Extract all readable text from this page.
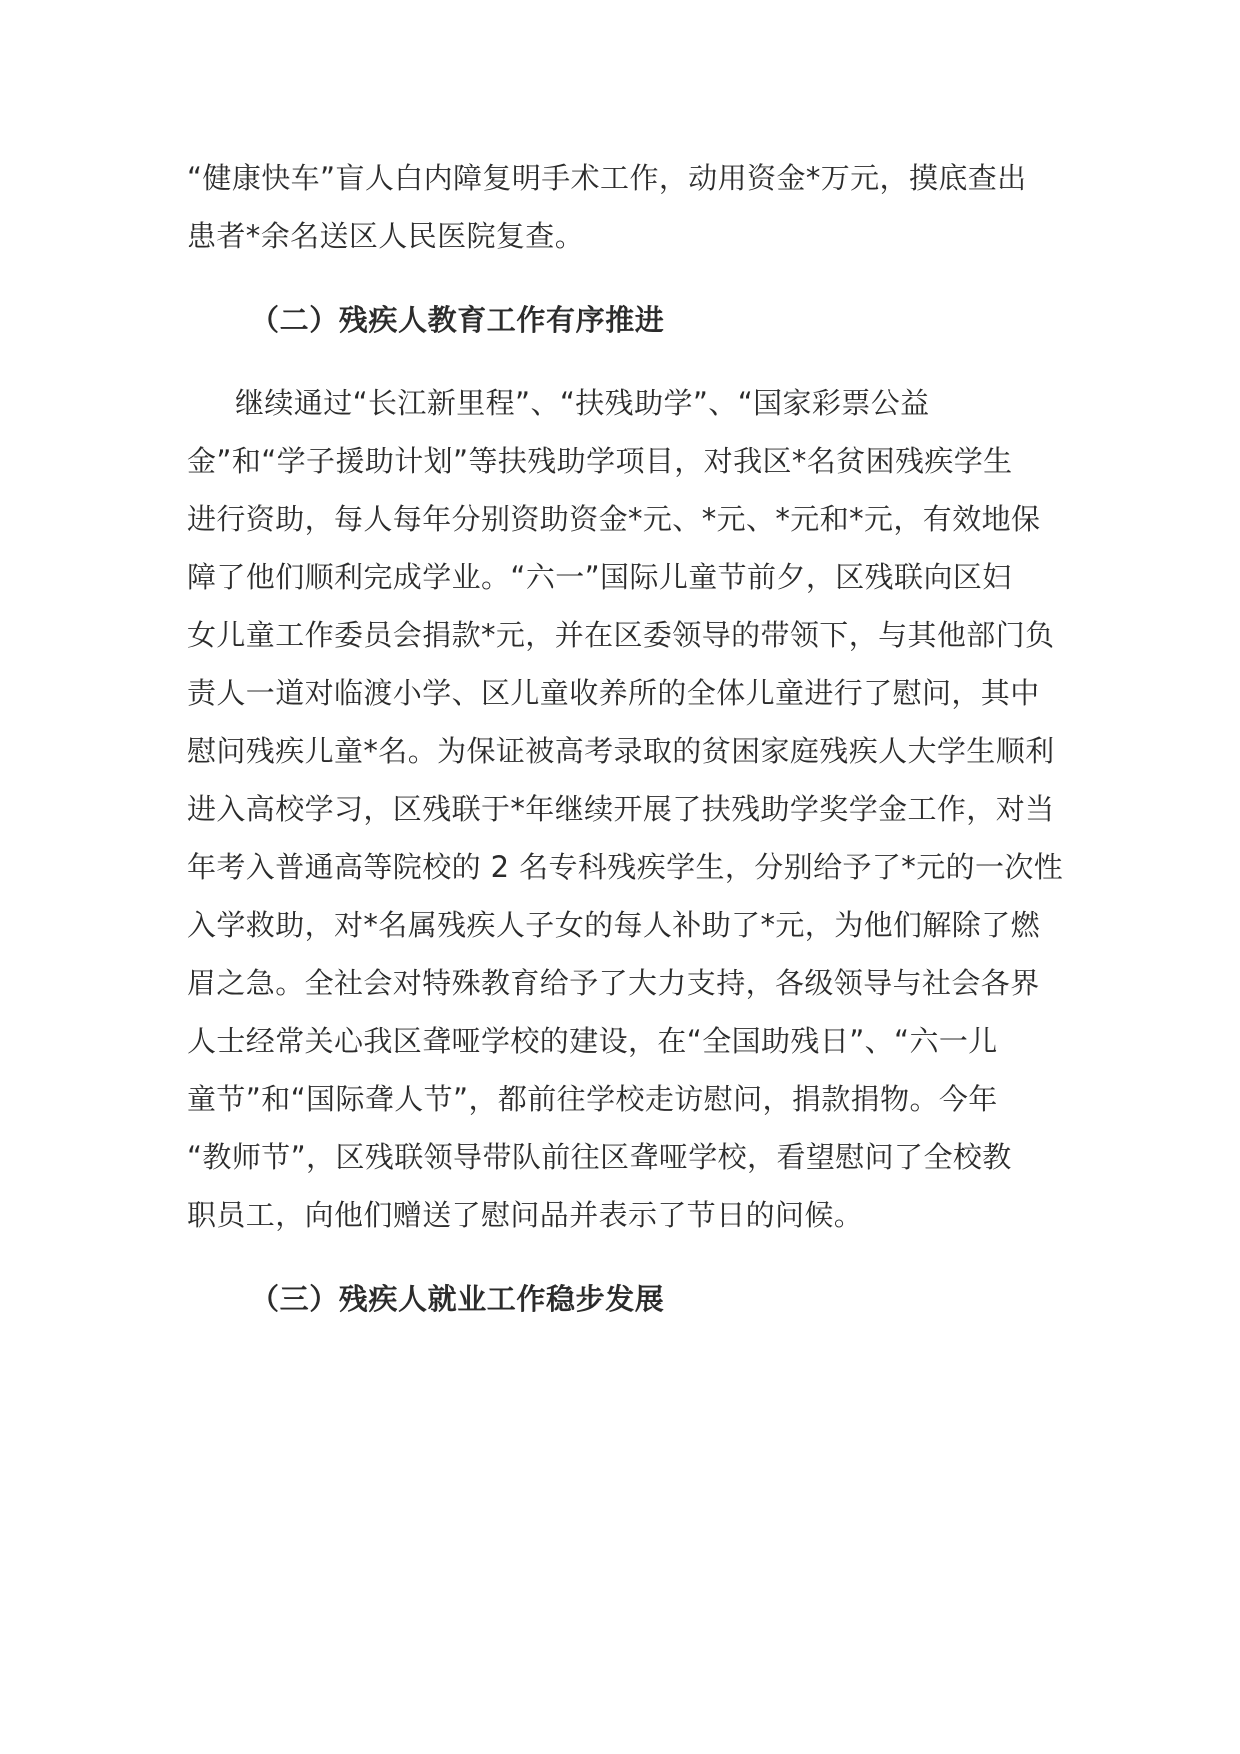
“健康快车”盲人白内障复明手术工作，动用资金*万元，摸底查出
患者*余名送区人民医院复查。
（二）残疾人教育工作有序推进
继续通过“长江新里程”、“扶残助学”、“国家彩票公益
金”和“学子援助计划”等扶残助学项目，对我区*名贫困残疾学生
进行资助，每人每年分别资助资金*元、*元、*元和*元，有效地保
障了他们顺利完成学业。“六一”国际儿童节前夕，区残联向区妇
女儿童工作委员会捐款*元，并在区委领导的带领下，与其他部门负
责人一道对临渡小学、区儿童收养所的全体儿童进行了慰问，其中
慰问残疾儿童*名。为保证被高考录取的贫困家庭残疾人大学生顺利
进入高校学习，区残联于*年继续开展了扶残助学奖学金工作，对当
年考入普通高等院校的 2 名专科残疾学生，分别给予了*元的一次性
入学救助，对*名属残疾人子女的每人补助了*元，为他们解除了燃
眉之急。全社会对特殊教育给予了大力支持，各级领导与社会各界
人士经常关心我区聋哑学校的建设，在“全国助残日”、“六一儿
童节”和“国际聋人节”，都前往学校走访慰问，捐款捐物。今年
“教师节”，区残联领导带队前往区聋哑学校，看望慰问了全校教
职员工，向他们赠送了慰问品并表示了节日的问候。
（三）残疾人就业工作稳步发展
